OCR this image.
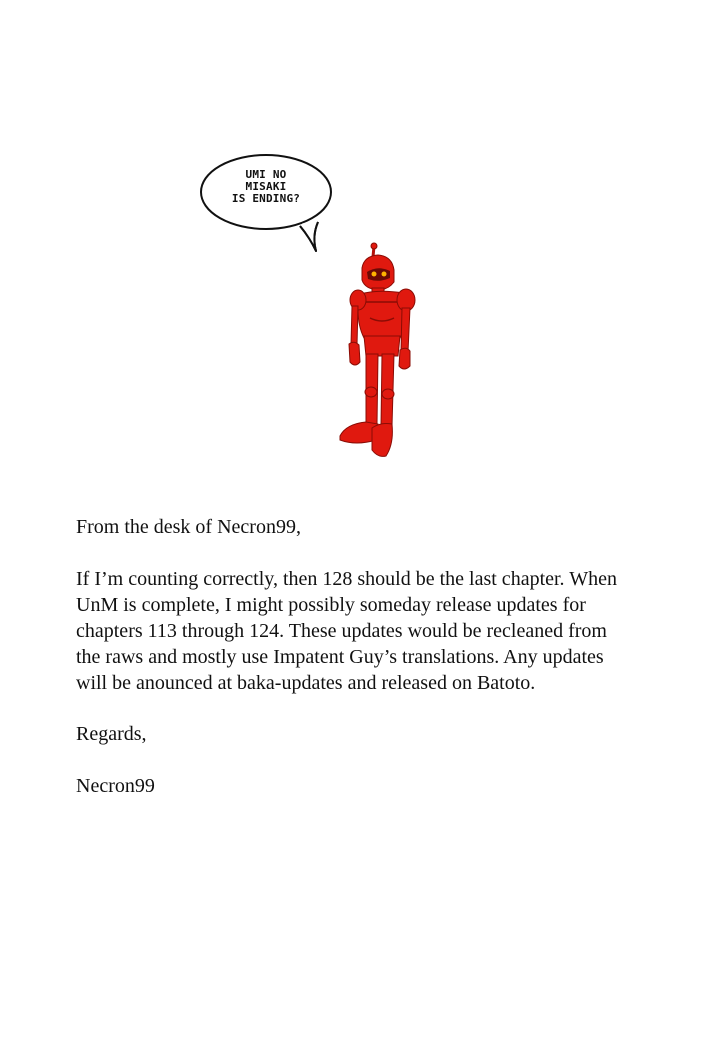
UMI NO
MISAKI
IS ENDING?

From the desk of Necron99,

If I’m counting correctly, then 128 should be the last chapter. When
UnM is complete, I might possibly someday release updates for
chapters 113 through 124. These updates would be recleaned from
the raws and mostly use Impatent Guy’s translations. Any updates
will be anounced at baka-updates and released on Batoto.

Regards,

Necron99
